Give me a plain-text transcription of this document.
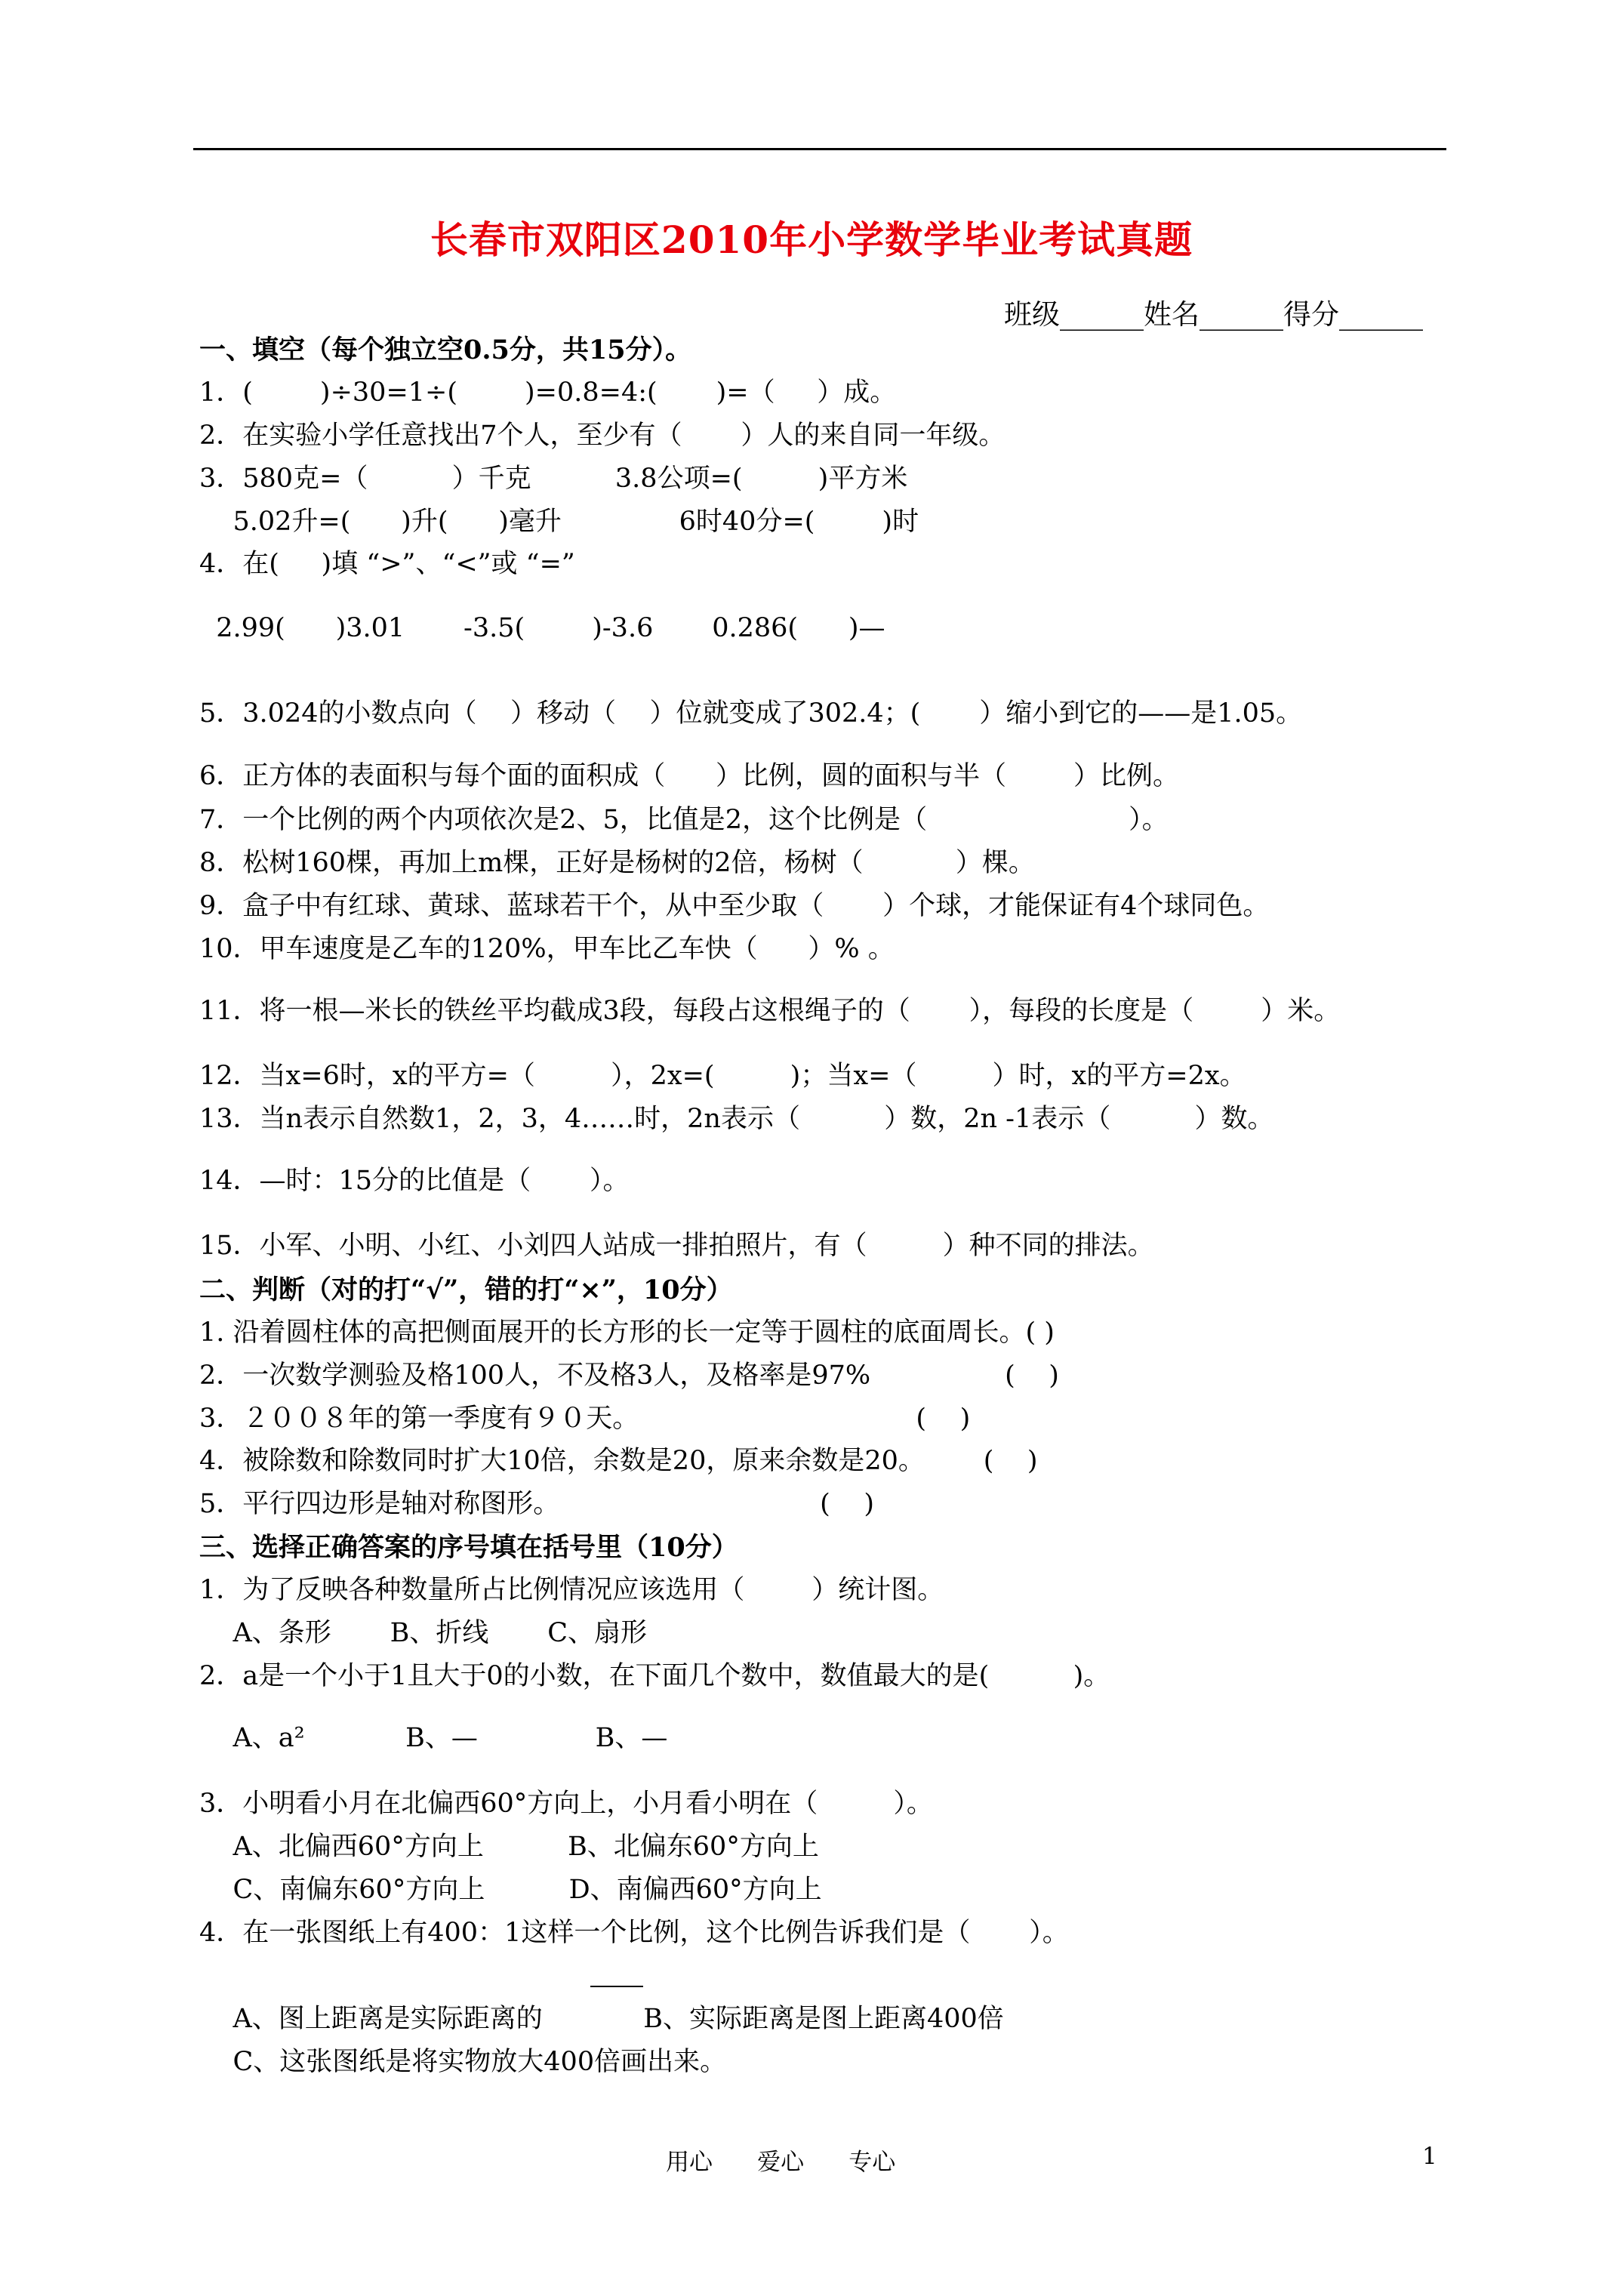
长春市双阳区2010年小学数学毕业考试真题
班级______姓名______得分______
一、填空（每个独立空0.5分，共15分）。
1．(        )÷30=1÷(        )=0.8=4:(       )=（     ）成。
2．在实验小学任意找出7个人，至少有（       ）人的来自同一年级。
3．580克=（          ）千克          3.8公项=(         )平方米
5.02升=(      )升(      )毫升              6时40分=(        )时
4．在(     )填 “>”、“<”或 “=”
2.99(      )3.01       -3.5(        )-3.6       0.286(      )—
5．3.024的小数点向（    ）移动（    ）位就变成了302.4；(       ）缩小到它的——是1.05。
6．正方体的表面积与每个面的面积成（      ）比例，圆的面积与半（        ）比例。
7．一个比例的两个内项依次是2、5，比值是2，这个比例是（                        ）。
8．松树160棵，再加上m棵，正好是杨树的2倍，杨树（           ）棵。
9．盒子中有红球、黄球、蓝球若干个，从中至少取（       ）个球，才能保证有4个球同色。
10．甲车速度是乙车的120%，甲车比乙车快（      ）% 。
11．将一根—米长的铁丝平均截成3段，每段占这根绳子的（       ），每段的长度是（        ）米。
12．当x=6时，x的平方=（         ），2x=(         )；当x=（         ）时，x的平方=2x。
13．当n表示自然数1，2，3，4……时，2n表示（          ）数，2n -1表示（          ）数。
14．—时：15分的比值是（       ）。
15．小军、小明、小红、小刘四人站成一排拍照片，有（         ）种不同的排法。
二、判断（对的打“√”，错的打“×”，10分）
1. 沿着圆柱体的高把侧面展开的长方形的长一定等于圆柱的底面周长。( )
2．一次数学测验及格100人，不及格3人，及格率是97%                (    )
3．２００８年的第一季度有９０天。                                 (    )
4．被除数和除数同时扩大10倍，余数是20，原来余数是20。       (    )
5．平行四边形是轴对称图形。                               (    )
三、选择正确答案的序号填在括号里（10分）
1．为了反映各种数量所占比例情况应该选用（        ）统计图。
A、条形       B、折线       C、扇形
2．a是一个小于1且大于0的小数，在下面几个数中，数值最大的是(          )。
A、a²            B、—              B、—
3．小明看小月在北偏西60°方向上，小月看小明在（         ）。
A、北偏西60°方向上          B、北偏东60°方向上
C、南偏东60°方向上          D、南偏西60°方向上
4．在一张图纸上有400：1这样一个比例，这个比例告诉我们是（       ）。
A、图上距离是实际距离的            B、实际距离是图上距离400倍
C、这张图纸是将实物放大400倍画出来。
用心      爱心      专心	1
